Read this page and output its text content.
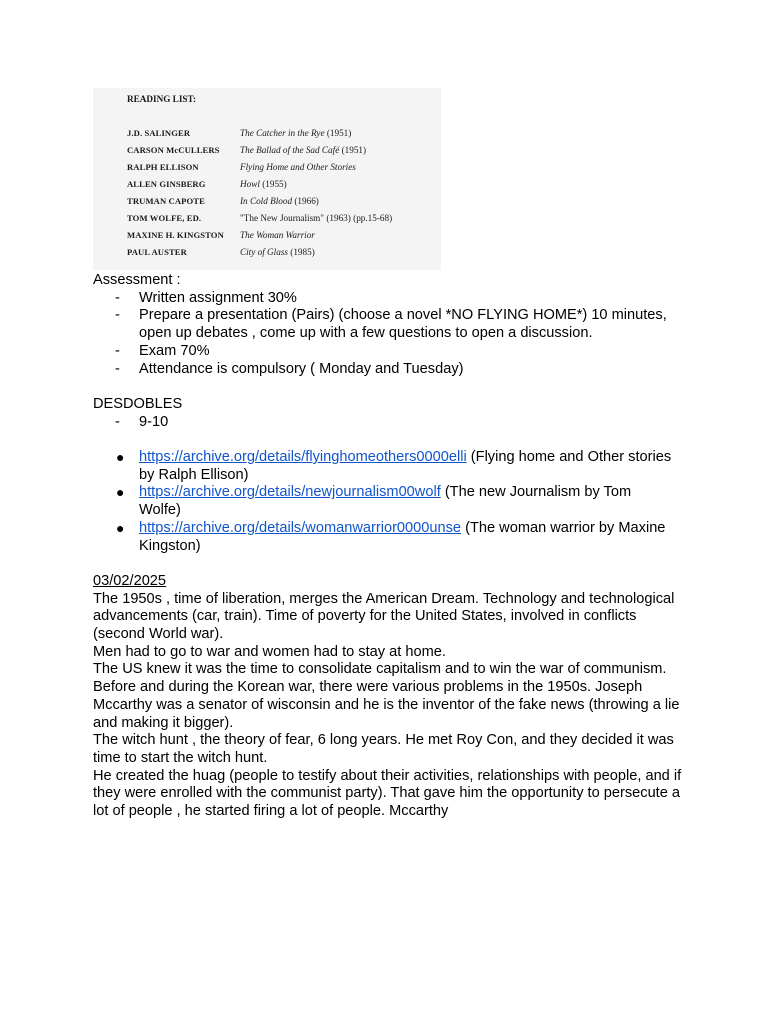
READING LIST:
J.D. SALINGER	The Catcher in the Rye (1951)
CARSON McCULLERS The Ballad of the Sad Café (1951)
RALPH ELLISON	Flying Home and Other Stories
ALLEN GINSBERG	Howl (1955)
TRUMAN CAPOTE	In Cold Blood (1966)
TOM WOLFE, ED.	"The New Journalism" (1963) (pp.15-68)
MAXINE H. KINGSTON The Woman Warrior
PAUL AUSTER	City of Glass (1985)
Assessment :
- Written assignment 30%
- Prepare a presentation (Pairs) (choose a novel *NO FLYING HOME*) 10 minutes,
open up debates , come up with a few questions to open a discussion.
- Exam 70%
- Attendance is compulsory ( Monday and Tuesday)
DESDOBLES
- 9-10
● https://archive.org/details/flyinghomeothers0000elli (Flying home and Other stories
by Ralph Ellison)
● https://archive.org/details/newjournalism00wolf (The new Journalism by Tom Wolfe)
● https://archive.org/details/womanwarrior0000unse (The woman warrior by Maxine
Kingston)
03/02/2025
The 1950s , time of liberation, merges the American Dream. Technology and technological
advancements (car, train). Time of poverty for the United States, involved in conflicts
(second World war).
Men had to go to war and women had to stay at home.
The US knew it was the time to consolidate capitalism and to win the war of communism.
Before and during the Korean war, there were various problems in the 1950s. Joseph
Mccarthy was a senator of wisconsin and he is the inventor of the fake news (throwing a lie
and making it bigger).
The witch hunt , the theory of fear, 6 long years. He met Roy Con, and they decided it was
time to start the witch hunt.
He created the huag (people to testify about their activities, relationships with people, and if
they were enrolled with the communist party). That gave him the opportunity to persecute a
lot of people , he started firing a lot of people. Mccarthy
